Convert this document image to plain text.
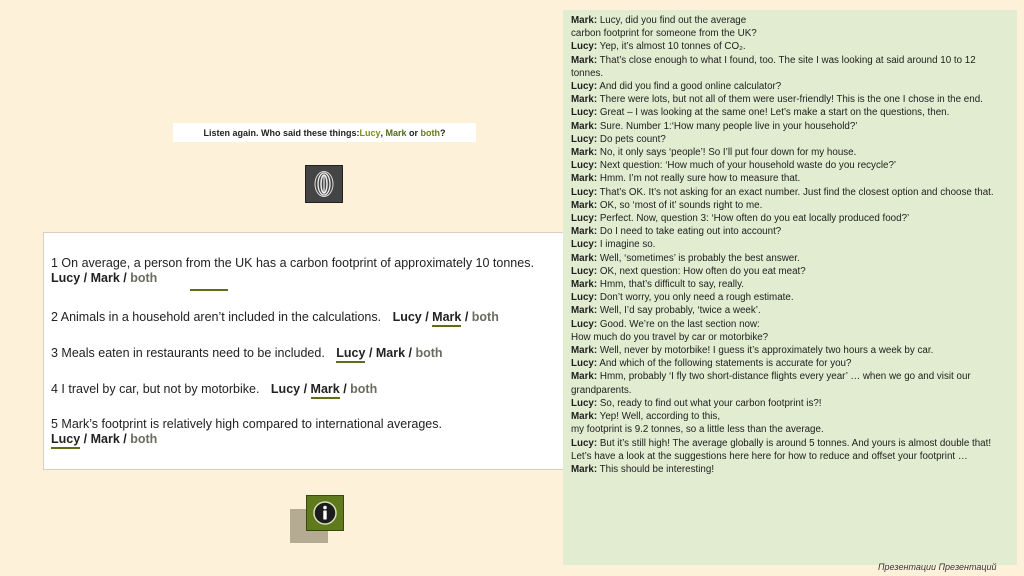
Listen again. Who said these things: Lucy , Mark or both ?
1 On average, a person from the UK has a carbon footprint of approximately 10 tonnes.
Lucy / Mark / both
2 Animals in a household aren’t included in the calculations. Lucy / Mark / both
3 Meals eaten in restaurants need to be included. Lucy / Mark / both
4 I travel by car, but not by motorbike. Lucy / Mark / both
5 Mark’s footprint is relatively high compared to international averages.
Lucy / Mark / both

Mark: Lucy, did you find out the average

carbon footprint for someone from the UK?

Lucy: Yep, it’s almost 10 tonnes of CO₂.

Mark: That’s close enough to what I found, too. The site I was looking at said around 10 to 12 tonnes.

Lucy: And did you find a good online calculator?

Mark: There were lots, but not all of them were user-friendly! This is the one I chose in the end.

Lucy: Great – I was looking at the same one! Let’s make a start on the questions, then.

Mark: Sure. Number 1:‘How many people live in your household?’

Lucy: Do pets count?

Mark: No, it only says ‘people’! So I’ll put four down for my house.

Lucy: Next question: ‘How much of your household waste do you recycle?’

Mark: Hmm. I’m not really sure how to measure that.

Lucy: That’s OK. It’s not asking for an exact number. Just find the closest option and choose that.

Mark: OK, so ‘most of it’ sounds right to me.

Lucy: Perfect. Now, question 3: ‘How often do you eat locally produced food?’

Mark: Do I need to take eating out into account?

Lucy: I imagine so.

Mark: Well, ‘sometimes’ is probably the best answer.

Lucy: OK, next question: How often do you eat meat?

Mark: Hmm, that’s difficult to say, really.

Lucy: Don’t worry, you only need a rough estimate.

Mark: Well, I’d say probably, ‘twice a week’.

Lucy: Good. We’re on the last section now:

How much do you travel by car or motorbike?

Mark: Well, never by motorbike! I guess it’s approximately two hours a week by car.

Lucy: And which of the following statements is accurate for you?

Mark: Hmm, probably ‘I fly two short-distance flights every year’ … when we go and visit our grandparents.

Lucy: So, ready to find out what your carbon footprint is?!

Mark: Yep! Well, according to this,

my footprint is 9.2 tonnes, so a little less than the average.

Lucy: But it’s still high! The average globally is around 5 tonnes. And yours is almost double that! Let’s have a look at the suggestions here here for how to reduce and offset your footprint …

Mark: This should be interesting!

Презентации Презентаций
